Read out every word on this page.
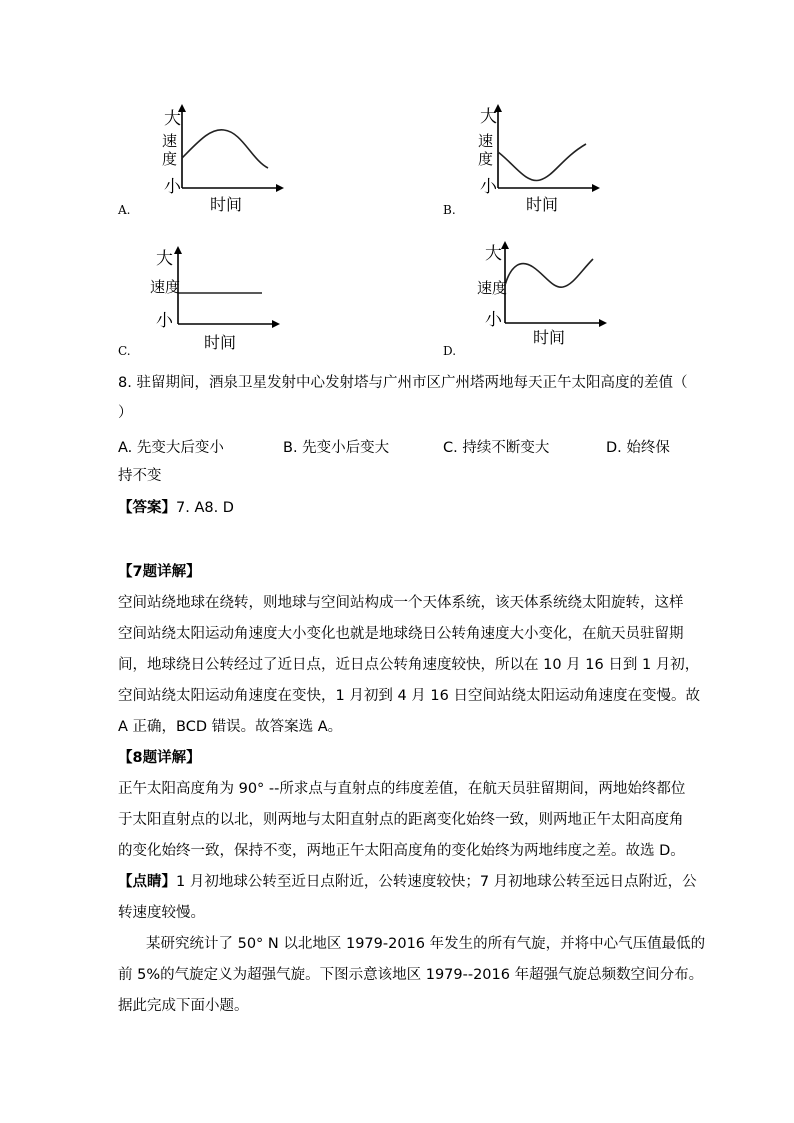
大
速
度
小
时间
A.
大
速
度
小
时间
B.
大
速度
小
时间
C.
大
速度
小
时间
D.
8. 驻留期间，酒泉卫星发射中心发射塔与广州市区广州塔两地每天正午太阳高度的差值（
）
A. 先变大后变小	B. 先变小后变大	C. 持续不断变大	D. 始终保
持不变
【答案】7. A8. D
【7题详解】
空间站绕地球在绕转，则地球与空间站构成一个天体系统，该天体系统绕太阳旋转，这样
空间站绕太阳运动角速度大小变化也就是地球绕日公转角速度大小变化，在航天员驻留期
间，地球绕日公转经过了近日点，近日点公转角速度较快，所以在 10 月 16 日到 1 月初，
空间站绕太阳运动角速度在变快，1 月初到 4 月 16 日空间站绕太阳运动角速度在变慢。故
A 正确，BCD 错误。故答案选 A。
【8题详解】
正午太阳高度角为 90° --所求点与直射点的纬度差值，在航天员驻留期间，两地始终都位
于太阳直射点的以北，则两地与太阳直射点的距离变化始终一致，则两地正午太阳高度角
的变化始终一致，保持不变，两地正午太阳高度角的变化始终为两地纬度之差。故选 D。
【点睛】1 月初地球公转至近日点附近，公转速度较快；7 月初地球公转至远日点附近，公
转速度较慢。
某研究统计了 50° N 以北地区 1979-2016 年发生的所有气旋，并将中心气压值最低的
前 5%的气旋定义为超强气旋。下图示意该地区 1979--2016 年超强气旋总频数空间分布。
据此完成下面小题。
